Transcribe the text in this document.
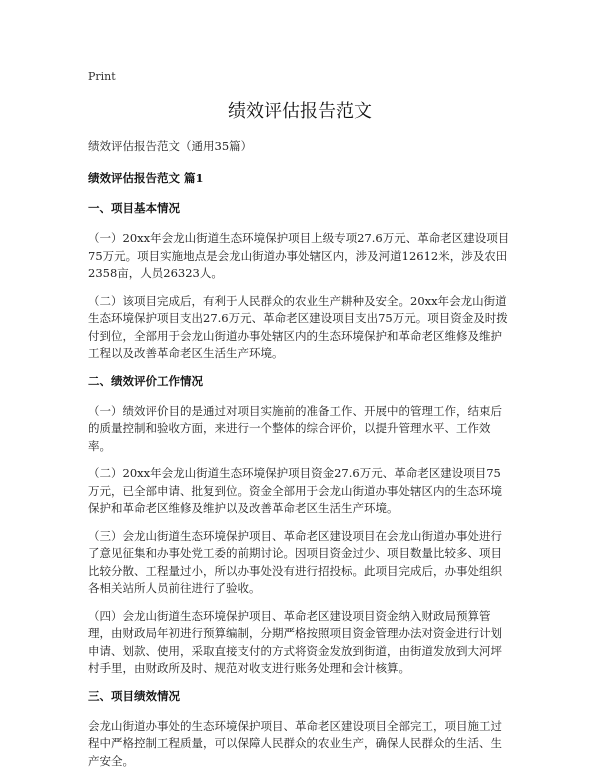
Print
绩效评估报告范文

绩效评估报告范文（通用35篇）

绩效评估报告范文 篇1

一、项目基本情况

（一）20xx年会龙山街道生态环境保护项目上级专项27.6万元、革命老区建设项目75万元。项目实施地点是会龙山街道办事处辖区内，涉及河道12612米，涉及农田2358亩，人员26323人。

（二）该项目完成后，有利于人民群众的农业生产耕种及安全。20xx年会龙山街道生态环境保护项目支出27.6万元、革命老区建设项目支出75万元。项目资金及时拨付到位，全部用于会龙山街道办事处辖区内的生态环境保护和革命老区维修及维护工程以及改善革命老区生活生产环境。

二、绩效评价工作情况

（一）绩效评价目的是通过对项目实施前的准备工作、开展中的管理工作，结束后的质量控制和验收方面，来进行一个整体的综合评价，以提升管理水平、工作效率。

（二）20xx年会龙山街道生态环境保护项目资金27.6万元、革命老区建设项目75万元，已全部申请、批复到位。资金全部用于会龙山街道办事处辖区内的生态环境保护和革命老区维修及维护以及改善革命老区生活生产环境。

（三）会龙山街道生态环境保护项目、革命老区建设项目在会龙山街道办事处进行了意见征集和办事处党工委的前期讨论。因项目资金过少、项目数量比较多、项目比较分散、工程量过小，所以办事处没有进行招投标。此项目完成后，办事处组织各相关站所人员前往进行了验收。

（四）会龙山街道生态环境保护项目、革命老区建设项目资金纳入财政局预算管理，由财政局年初进行预算编制，分期严格按照项目资金管理办法对资金进行计划申请、划款、使用，采取直接支付的方式将资金发放到街道，由街道发放到大河坪村手里，由财政所及时、规范对收支进行账务处理和会计核算。

三、项目绩效情况

会龙山街道办事处的生态环境保护项目、革命老区建设项目全部完工，项目施工过程中严格控制工程质量，可以保障人民群众的农业生产，确保人民群众的生活、生产安全。
